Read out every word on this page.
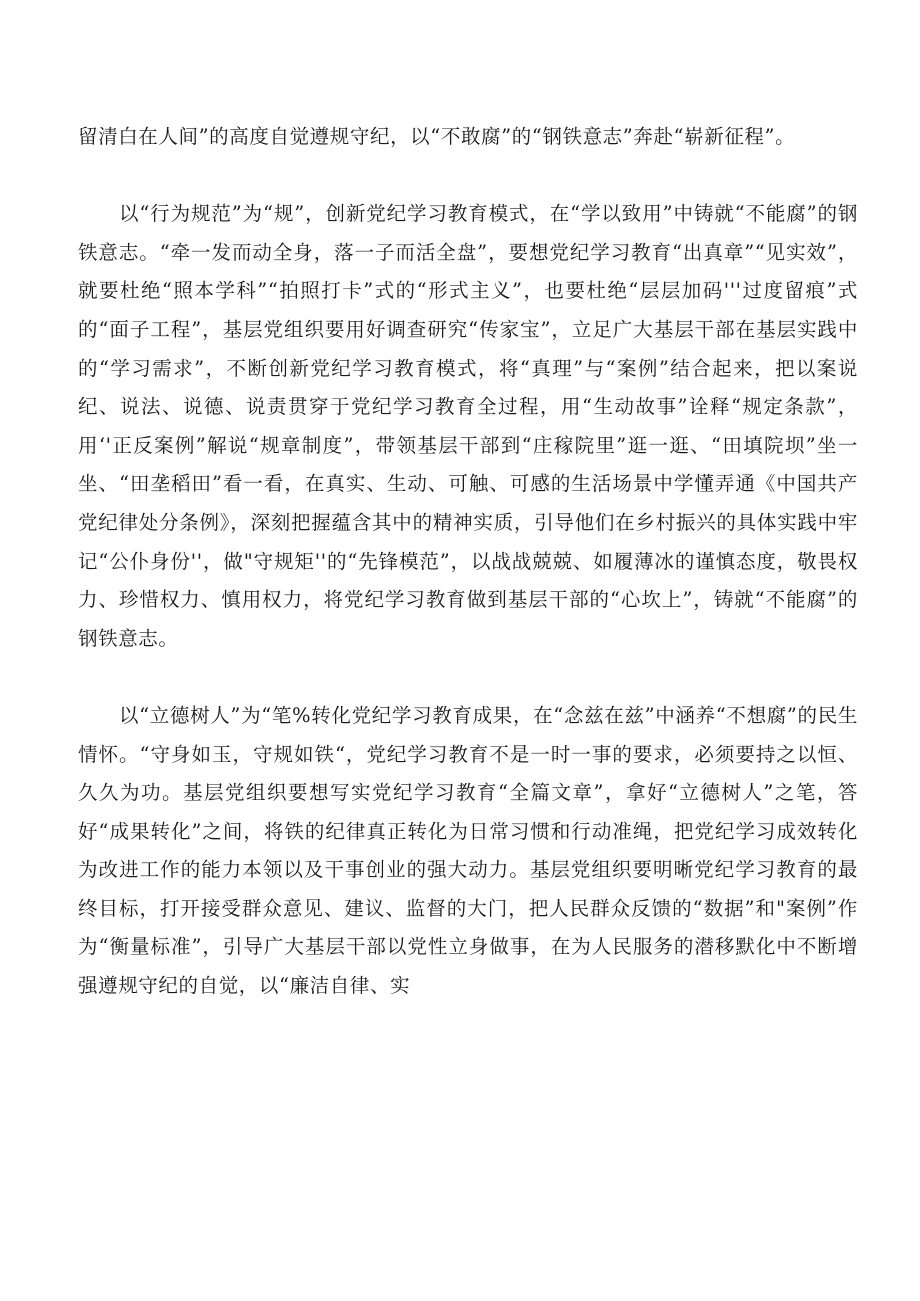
留清白在人间”的高度自觉遵规守纪，以“不敢腐”的“钢铁意志”奔赴“崭新征程”。

以“行为规范”为“规”，创新党纪学习教育模式，在“学以致用”中铸就“不能腐”的钢铁意志。“牵一发而动全身，落一子而活全盘”，要想党纪学习教育“出真章”“见实效”，就要杜绝“照本学科”“拍照打卡”式的“形式主义”，也要杜绝“层层加码'''过度留痕”式的“面子工程”，基层党组织要用好调查研究“传家宝”，立足广大基层干部在基层实践中的“学习需求”，不断创新党纪学习教育模式，将“真理”与“案例”结合起来，把以案说纪、说法、说德、说责贯穿于党纪学习教育全过程，用“生动故事”诠释“规定条款”，用‘'正反案例”解说“规章制度”，带领基层干部到“庄稼院里”逛一逛、“田填院坝”坐一坐、“田垄稻田”看一看，在真实、生动、可触、可感的生活场景中学懂弄通《中国共产党纪律处分条例》，深刻把握蕴含其中的精神实质，引导他们在乡村振兴的具体实践中牢记“公仆身份''，做"守规矩''的“先锋模范”，以战战兢兢、如履薄冰的谨慎态度，敬畏权力、珍惜权力、慎用权力，将党纪学习教育做到基层干部的“心坎上”，铸就“不能腐”的钢铁意志。

以“立德树人”为“笔%转化党纪学习教育成果，在“念兹在兹”中涵养“不想腐”的民生情怀。“守身如玉，守规如铁“，党纪学习教育不是一时一事的要求，必须要持之以恒、久久为功。基层党组织要想写实党纪学习教育“全篇文章”，拿好“立德树人”之笔，答好“成果转化”之间，将铁的纪律真正转化为日常习惯和行动准绳，把党纪学习成效转化为改进工作的能力本领以及干事创业的强大动力。基层党组织要明晰党纪学习教育的最终目标，打开接受群众意见、建议、监督的大门，把人民群众反馈的“数据”和"案例”作为“衡量标准”，引导广大基层干部以党性立身做事，在为人民服务的潜移默化中不断增强遵规守纪的自觉，以“廉洁自律、实
